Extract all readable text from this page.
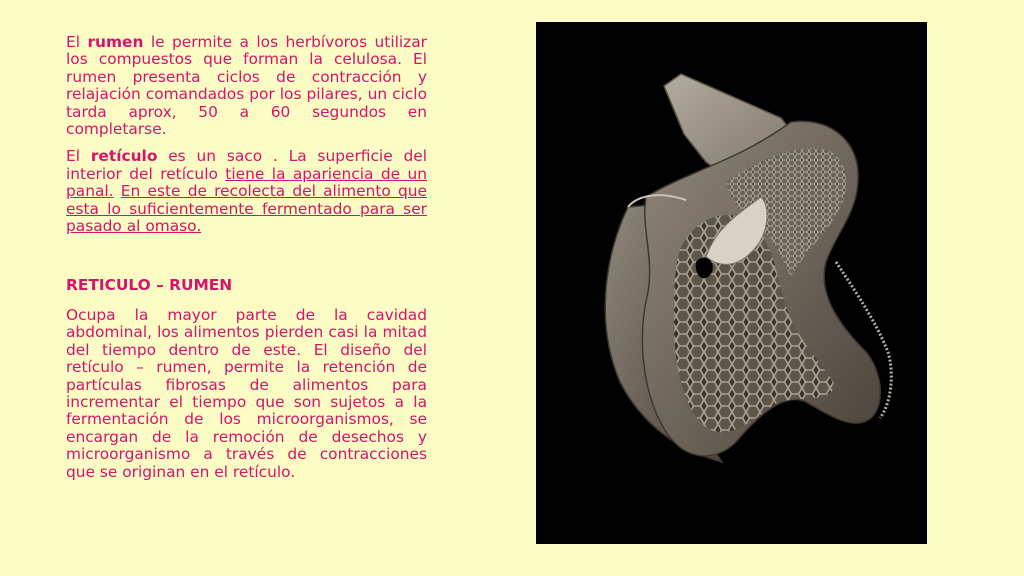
El rumen le permite a los herbívoros utilizar los compuestos que forman la celulosa. El rumen presenta ciclos de contracción y relajación comandados por los pilares, un ciclo tarda aprox, 50 a 60 segundos en completarse.

El retículo es un saco . La superficie del interior del retículo tiene la apariencia de un panal. En este de recolecta del alimento que esta lo suficientemente fermentado para ser pasado al omaso.

RETICULO – RUMEN

Ocupa la mayor parte de la cavidad abdominal, los alimentos pierden casi la mitad del tiempo dentro de este. El diseño del retículo – rumen, permite la retención de partículas fibrosas de alimentos para incrementar el tiempo que son sujetos a la fermentación de los microorganismos, se encargan de la remoción de desechos y microorganismo a través de contracciones que se originan en el retículo.
